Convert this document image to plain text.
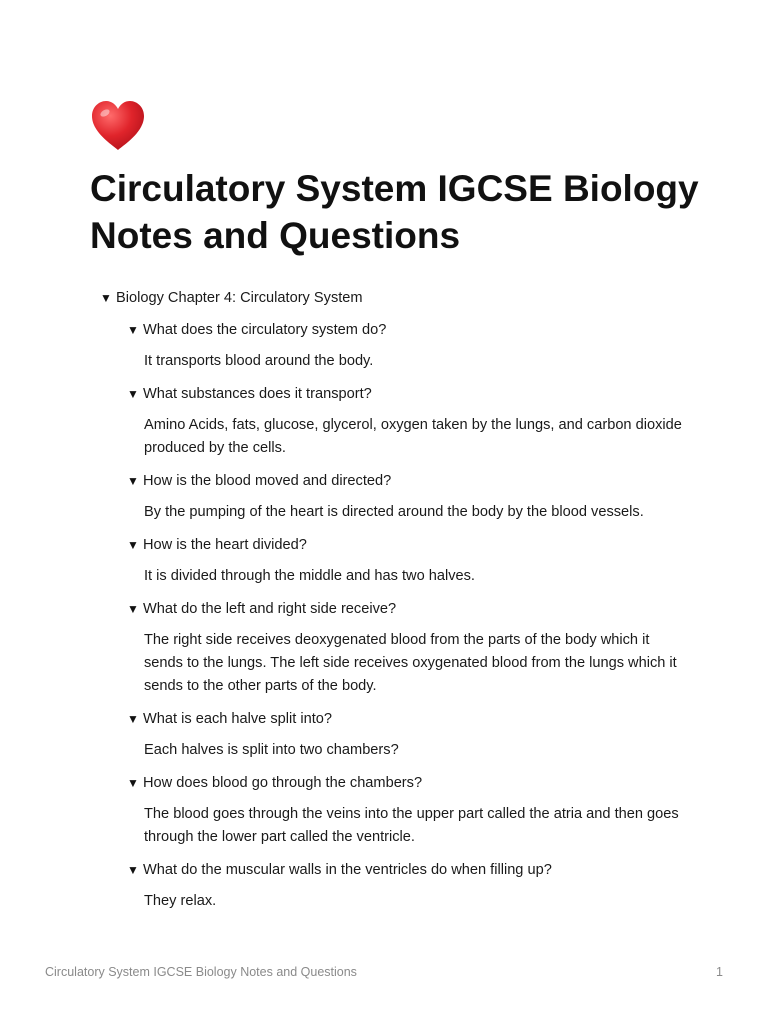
Circulatory System IGCSE Biology Notes and Questions
▼ Biology Chapter 4: Circulatory System
▼ What does the circulatory system do?
It transports blood around the body.
▼ What substances does it transport?
Amino Acids, fats, glucose, glycerol, oxygen taken by the lungs, and carbon dioxide produced by the cells.
▼ How is the blood moved and directed?
By the pumping of the heart is directed around the body by the blood vessels.
▼ How is the heart divided?
It is divided through the middle and has two halves.
▼ What do the left and right side receive?
The right side receives deoxygenated blood from the parts of the body which it sends to the lungs. The left side receives oxygenated blood from the lungs which it sends to the other parts of the body.
▼ What is each halve split into?
Each halves is split into two chambers?
▼ How does blood go through the chambers?
The blood goes through the veins into the upper part called the atria and then goes through the lower part called the ventricle.
▼ What do the muscular walls in the ventricles do when filling up?
They relax.
Circulatory System IGCSE Biology Notes and Questions	1
